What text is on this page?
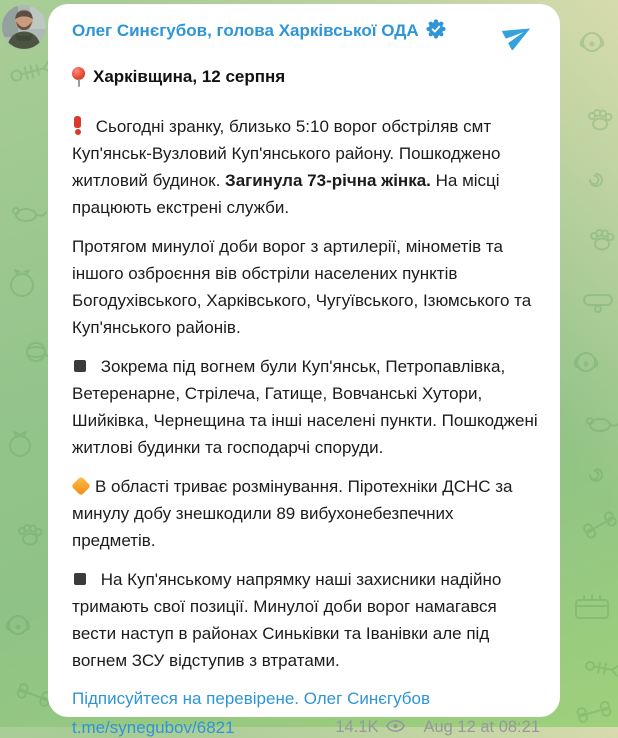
Олег Синєгубов, голова Харківської ОДА
Харківщина, 12 серпня

Сьогодні зранку, близько 5:10 ворог обстріляв смт Куп'янськ-Вузловий Куп'янського району. Пошкоджено житловий будинок. Загинула 73-річна жінка. На місці працюють екстрені служби.

Протягом минулої доби ворог з артилерії, мінометів та іншого озброєння вів обстріли населених пунктів Богодухівського, Харківського, Чугуївського, Ізюмського та Куп'янського районів.

Зокрема під вогнем були Куп'янськ, Петропавлівка, Ветеренарне, Стрілеча, Гатище, Вовчанські Хутори, Шийківка, Чернещина та інші населені пункти. Пошкоджені житлові будинки та господарчі споруди.

В області триває розмінування. Піротехніки ДСНС за минулу добу знешкодили 89 вибухонебезпечних предметів.

На Куп'янському напрямку наші захисники надійно тримають свої позиції. Минулої доби ворог намагався вести наступ в районах Синьківки та Іванівки але під вогнем ЗСУ відступив з втратами.

Підписуйтеся на перевірене. Олег Синєгубов
t.me/synegubov/6821	14.1K	Aug 12 at 08:21
